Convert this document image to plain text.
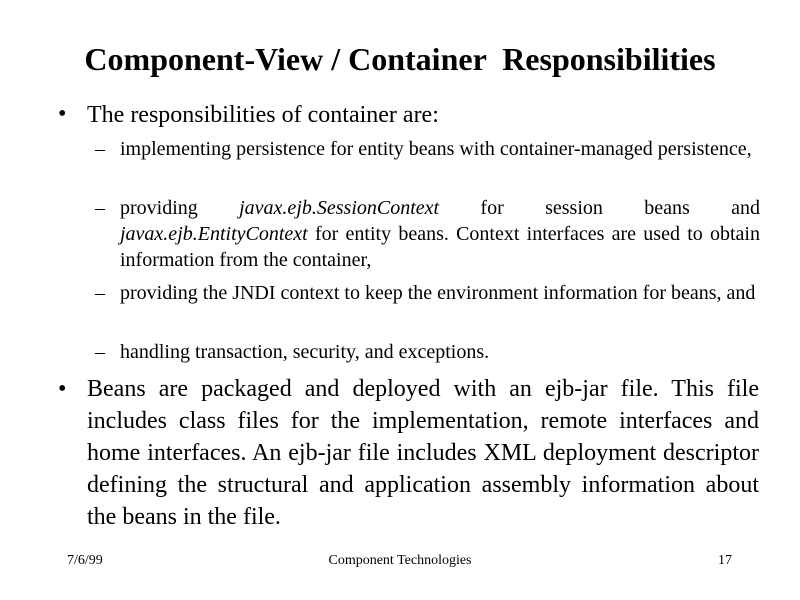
Component-View / Container  Responsibilities
• The responsibilities of container are:
– implementing persistence for entity beans with container-managed persistence,
– providing javax.ejb.SessionContext for session beans and javax.ejb.EntityContext for entity beans. Context interfaces are used to obtain information from the container,
– providing the JNDI context to keep the environment information for beans, and
– handling transaction, security, and exceptions.
• Beans are packaged and deployed with an ejb-jar file. This file includes class files for the implementation, remote interfaces and home interfaces. An ejb-jar file includes XML deployment descriptor defining the structural and application assembly information about the beans in the file.
7/6/99	Component Technologies	17
